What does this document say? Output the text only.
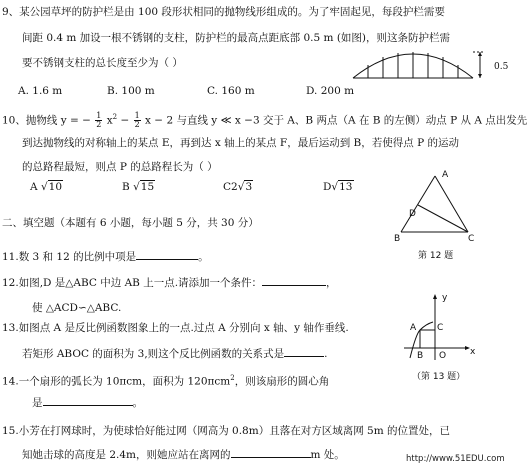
9、某公园草坪的防护栏是由 100 段形状相同的抛物线形组成的。为了牢固起见，每段护栏需要
间距 0.4 m 加设一根不锈钢的支柱，防护栏的最高点距底部 0.5 m (如图)，则这条防护栏需
要不锈钢支柱的总长度至少为（ ）
A. 1.6 m	B. 100 m	C. 160 m	D. 200 m
0.5
10、抛物线 y = − $\frac{1}{2} x^2 - \frac{1}{2}$ x − 2 与直线 y ≪ x −3 交于 A、B 两点（A 在 B 的左侧）动点 P 从 A 点出发先
到达抛物线的对称轴上的某点 E，再到达 x 轴上的某点 F，最后运动到 B，若使得点 P 的运动
的总路程最短，则点 P 的总路程长为（ ）
A √10	B √15	C2√3	D√13
A
D
B	C
第 12 题
二、填空题（本题有 6 小题，每小题 5 分，共 30 分）
11.数 3 和 12 的比例中项是	。
12.如图,D 是△ABC 中边 AB 上一点.请添加一个条件：	，
使 △ACD∽△ABC.
13.如图点 A 是反比例函数图象上的一点.过点 A 分别向 x 轴、y 轴作垂线.
若矩形 ABOC 的面积为 3,则这个反比例函数的关系式是	.
y
A C
B O	x
（第 13 题）
14.一个扇形的弧长为 10πcm，面积为 120πcm$^2$，则该扇形的圆心角
是	。
15.小芳在打网球时，为使球恰好能过网（网高为 0.8m）且落在对方区域离网 5m 的位置处，已
知她击球的高度是 2.4m，则她应站在离网的	m 处。	http://www.51EDU.com
